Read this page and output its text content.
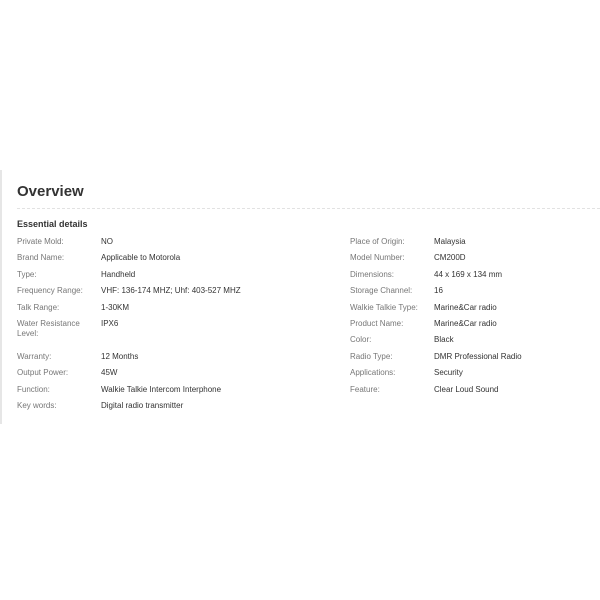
Overview
Essential details
Private Mold:	NO
Brand Name:	Applicable to Motorola
Type:	Handheld
Frequency Range:	VHF: 136-174 MHZ; Uhf: 403-527 MHZ
Talk Range:	1-30KM
Water Resistance Level:
IPX6
Warranty:	12 Months
Output Power:	45W
Function:	Walkie Talkie Intercom Interphone
Key words:	Digital radio transmitter
Place of Origin:	Malaysia
Model Number:	CM200D
Dimensions:	44 x 169 x 134 mm
Storage Channel:	16
Walkie Talkie Type:	Marine&Car radio
Product Name:	Marine&Car radio
Color:	Black
Radio Type:	DMR Professional Radio
Applications:	Security
Feature:	Clear Loud Sound
